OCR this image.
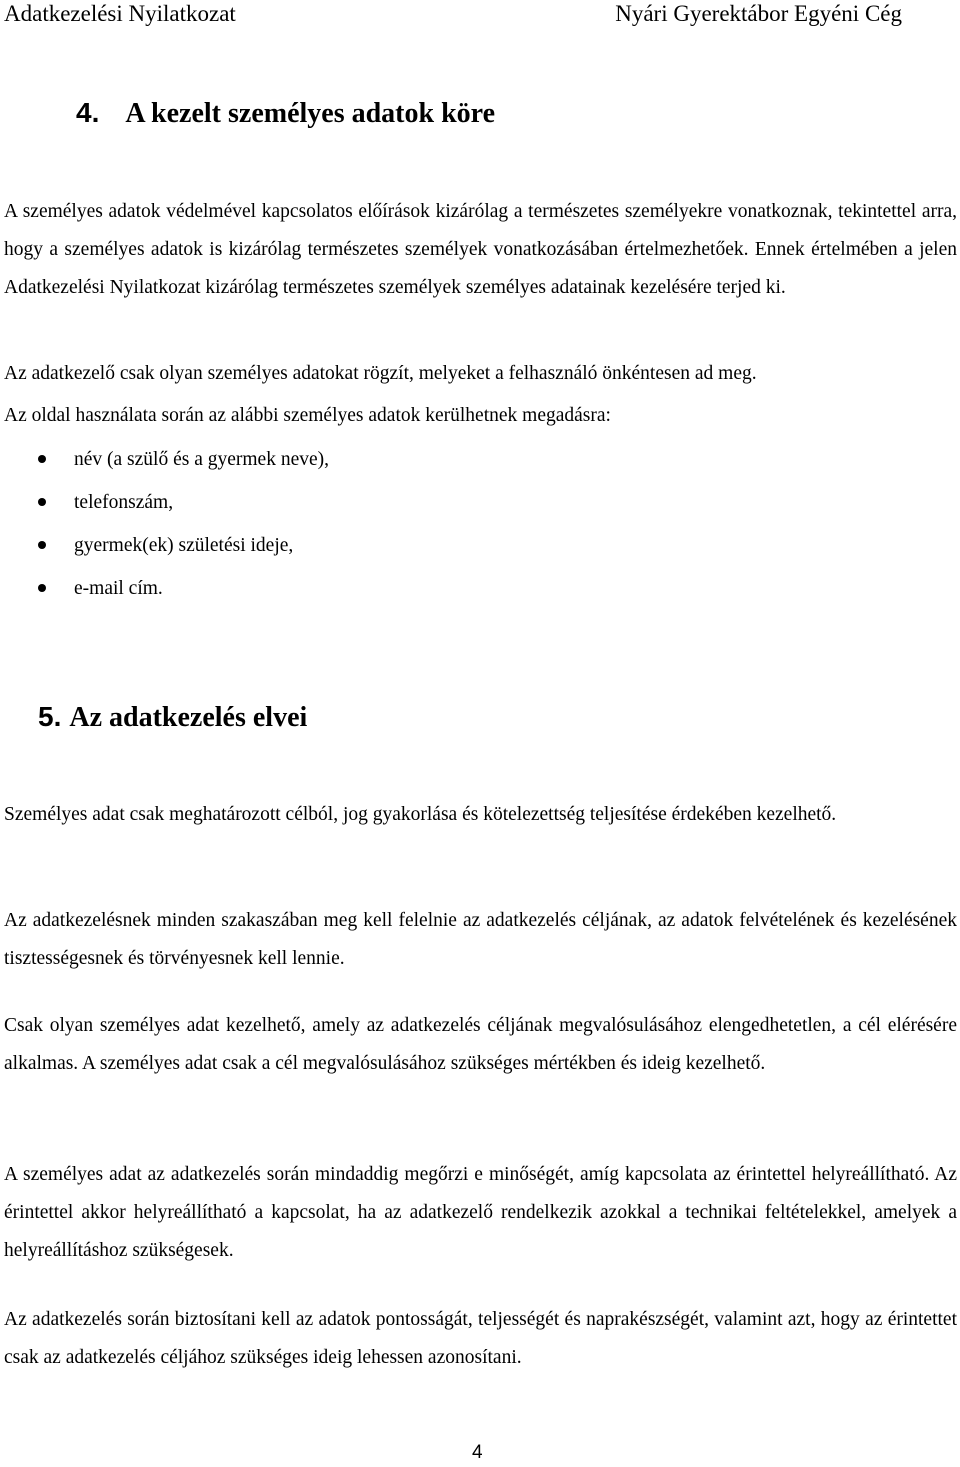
Adatkezelési Nyilatkozat	Nyári Gyerektábor Egyéni Cég
4. A kezelt személyes adatok köre
A személyes adatok védelmével kapcsolatos előírások kizárólag a természetes személyekre vonatkoznak, tekintettel arra, hogy a személyes adatok is kizárólag természetes személyek vonatkozásában értelmezhetőek. Ennek értelmében a jelen Adatkezelési Nyilatkozat kizárólag természetes személyek személyes adatainak kezelésére terjed ki.
Az adatkezelő csak olyan személyes adatokat rögzít, melyeket a felhasználó önkéntesen ad meg.
Az oldal használata során az alábbi személyes adatok kerülhetnek megadásra:
név (a szülő és a gyermek neve),
telefonszám,
gyermek(ek) születési ideje,
e-mail cím.
5. Az adatkezelés elvei
Személyes adat csak meghatározott célból, jog gyakorlása és kötelezettség teljesítése érdekében kezelhető.
Az adatkezelésnek minden szakaszában meg kell felelnie az adatkezelés céljának, az adatok felvételének és kezelésének tisztességesnek és törvényesnek kell lennie.
Csak olyan személyes adat kezelhető, amely az adatkezelés céljának megvalósulásához elengedhetetlen, a cél elérésére alkalmas. A személyes adat csak a cél megvalósulásához szükséges mértékben és ideig kezelhető.
A személyes adat az adatkezelés során mindaddig megőrzi e minőségét, amíg kapcsolata az érintettel helyreállítható. Az érintettel akkor helyreállítható a kapcsolat, ha az adatkezelő rendelkezik azokkal a technikai feltételekkel, amelyek a helyreállításhoz szükségesek.
Az adatkezelés során biztosítani kell az adatok pontosságát, teljességét és naprakészségét, valamint azt, hogy az érintettet csak az adatkezelés céljához szükséges ideig lehessen azonosítani.
4
